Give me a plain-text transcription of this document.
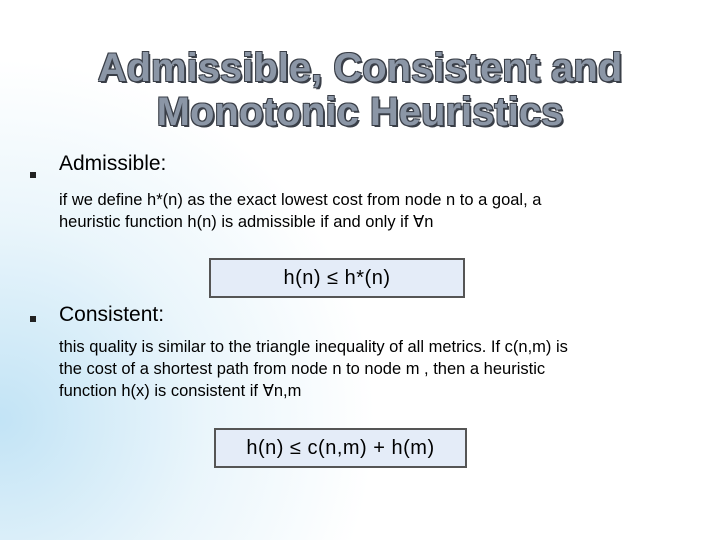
Admissible, Consistent and
Monotonic Heuristics
Admissible:
if we define h*(n) as the exact lowest cost from node n to a goal, a
heuristic function h(n) is admissible if and only if ∀n
h(n) ≤ h*(n)
Consistent:
this quality is similar to the triangle inequality of all metrics. If c(n,m) is
the cost of a shortest path from node n to node m , then a heuristic
function h(x) is consistent if ∀n,m
h(n) ≤ c(n,m) + h(m)
